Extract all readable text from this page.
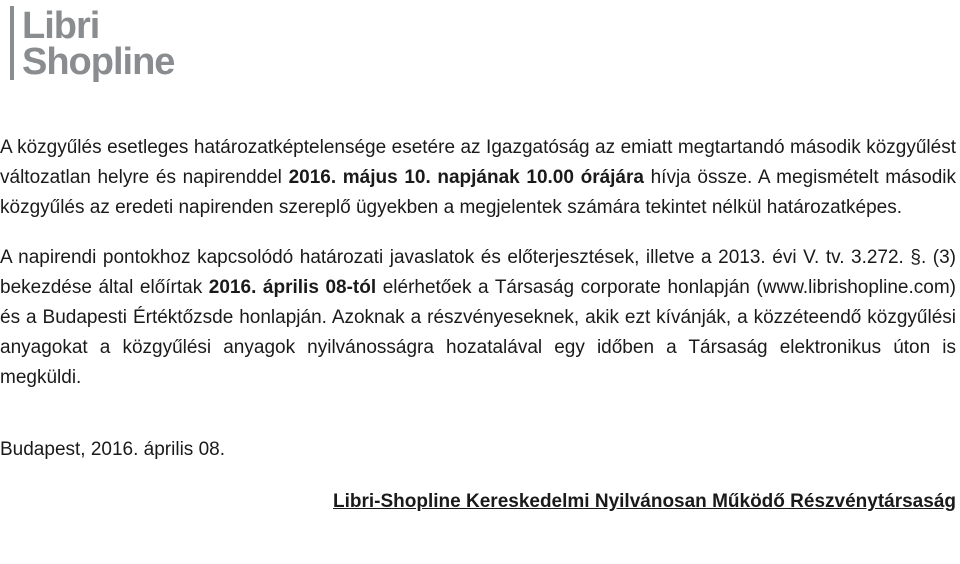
Libri
Shopline

A közgyűlés esetleges határozatképtelensége esetére az Igazgatóság az emiatt megtartandó második közgyűlést változatlan helyre és napirenddel 2016. május 10. napjának 10.00 órájára hívja össze. A megismételt második közgyűlés az eredeti napirenden szereplő ügyekben a megjelentek számára tekintet nélkül határozatképes.

A napirendi pontokhoz kapcsolódó határozati javaslatok és előterjesztések, illetve a 2013. évi V. tv. 3.272. §. (3) bekezdése által előírtak 2016. április 08-tól elérhetőek a Társaság corporate honlapján (www.librishopline.com) és a Budapesti Értéktőzsde honlapján. Azoknak a részvényeseknek, akik ezt kívánják, a közzéteendő közgyűlési anyagokat a közgyűlési anyagok nyilvánosságra hozatalával egy időben a Társaság elektronikus úton is megküldi.

Budapest, 2016. április 08.

Libri-Shopline Kereskedelmi Nyilvánosan Működő Részvénytársaság
